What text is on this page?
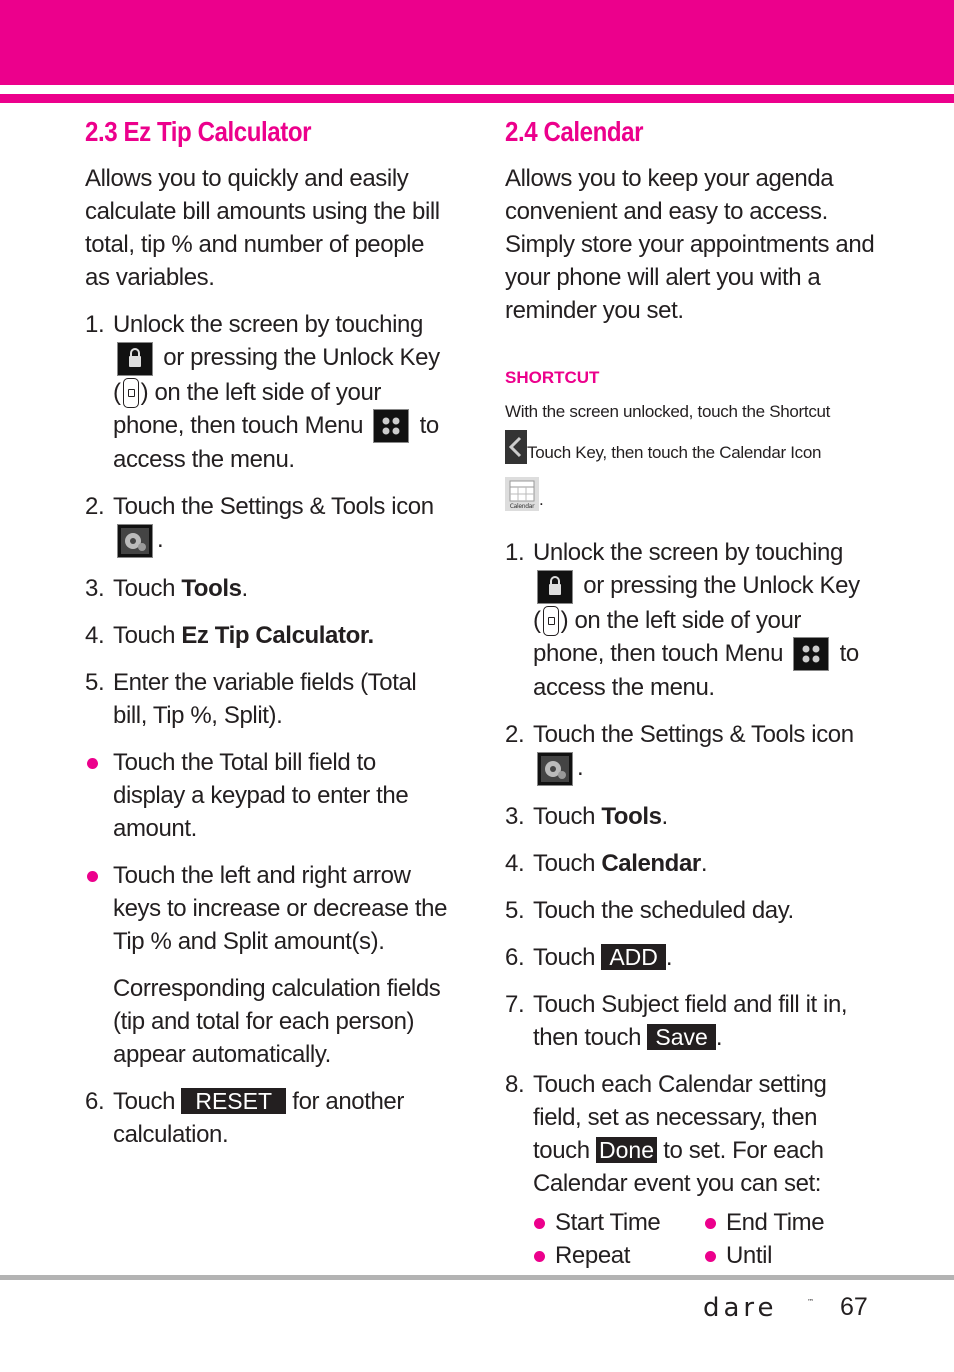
2.3 Ez Tip Calculator

Allows you to quickly and easily calculate bill amounts using the bill total, tip % and number of people as variables.

1. Unlock the screen by touching

or pressing the Unlock Key
( ) on the left side of your
phone, then touch Menu to
access the menu.
2. Touch the Settings & Tools icon

.
3. Touch Tools.
4. Touch Ez Tip Calculator.
5. Enter the variable fields (Total bill, Tip %, Split).
Touch the Total bill field to display a keypad to enter the amount.
Touch the left and right arrow keys to increase or decrease the Tip % and Split amount(s).

Corresponding calculation fields (tip and total for each person) appear automatically.

6. Touch RESET for another calculation.
2.4 Calendar

Allows you to keep your agenda convenient and easy to access. Simply store your appointments and your phone will alert you with a reminder you set.

SHORTCUT
With the screen unlocked, touch the Shortcut
Touch Key, then touch the Calendar Icon
Calendar .
1. Unlock the screen by touching

or pressing the Unlock Key
( ) on the left side of your
phone, then touch Menu to
access the menu.
2. Touch the Settings & Tools icon

.
3. Touch Tools.
4. Touch Calendar.
5. Touch the scheduled day.
6. Touch ADD .
7. Touch Subject field and fill it in, then touch Save .
8. Touch each Calendar setting field, set as necessary, then touch Done to set. For each Calendar event you can set:
Start Time
Repeat
End Time
Until
dare	™ 67
